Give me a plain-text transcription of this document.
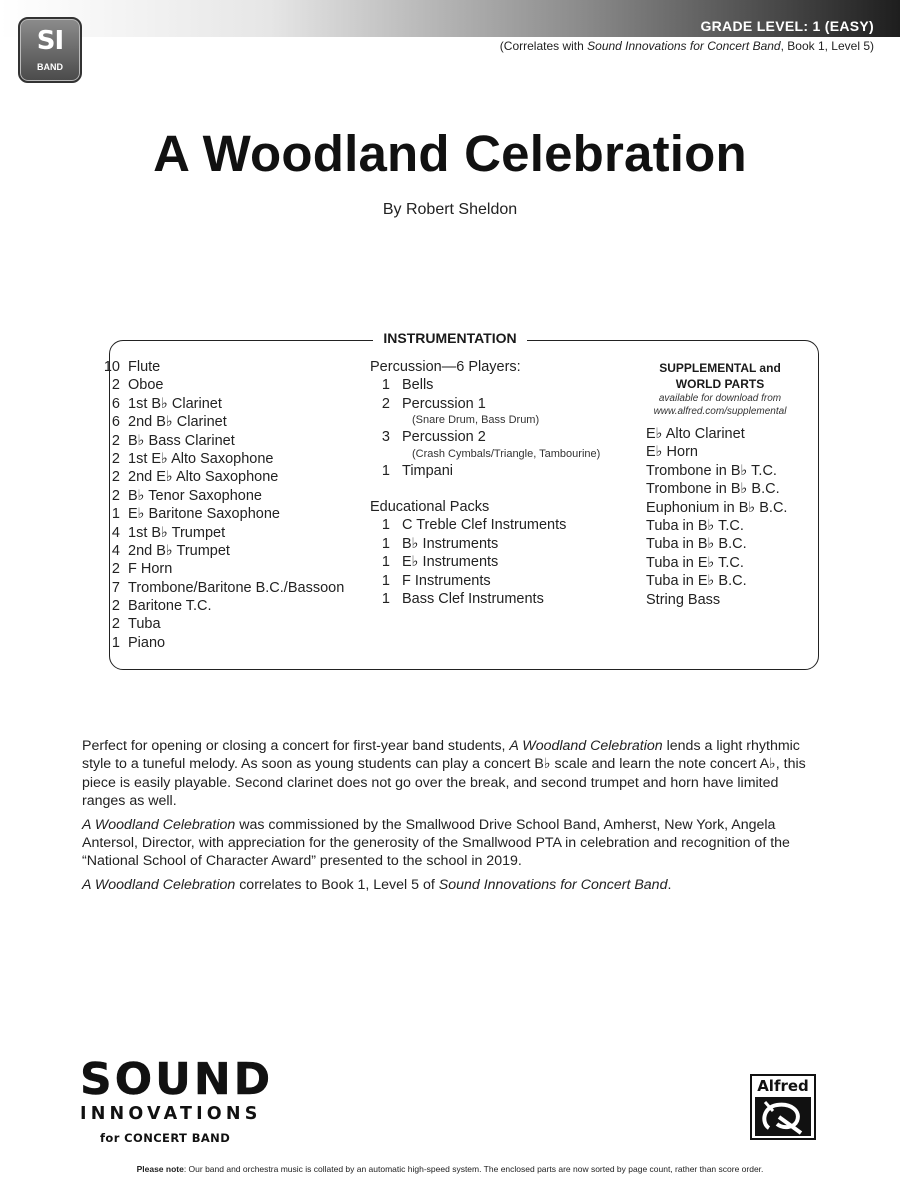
SI
BAND
GRADE LEVEL: 1 (EASY)
(Correlates with Sound Innovations for Concert Band, Book 1, Level 5)
A Woodland Celebration
By Robert Sheldon
INSTRUMENTATION
10 Flute
2 Oboe
6 1st B♭ Clarinet
6 2nd B♭ Clarinet
2 B♭ Bass Clarinet
2 1st E♭ Alto Saxophone
2 2nd E♭ Alto Saxophone
2 B♭ Tenor Saxophone
1 E♭ Baritone Saxophone
4 1st B♭ Trumpet
4 2nd B♭ Trumpet
2 F Horn
7 Trombone/Baritone B.C./Bassoon
2 Baritone T.C.
2 Tuba
1 Piano
Percussion—6 Players:
1 Bells
2 Percussion 1
(Snare Drum, Bass Drum)
3 Percussion 2
(Crash Cymbals/Triangle, Tambourine)
1 Timpani
Educational Packs
1 C Treble Clef Instruments
1 B♭ Instruments
1 E♭ Instruments
1 F Instruments
1 Bass Clef Instruments
SUPPLEMENTAL and
WORLD PARTS
available for download from
www.alfred.com/supplemental
E♭ Alto Clarinet
E♭ Horn
Trombone in B♭ T.C.
Trombone in B♭ B.C.
Euphonium in B♭ B.C.
Tuba in B♭ T.C.
Tuba in B♭ B.C.
Tuba in E♭ T.C.
Tuba in E♭ B.C.
String Bass

Perfect for opening or closing a concert for first-year band students, A Woodland Celebration lends a light rhythmic style to a tuneful melody. As soon as young students can play a concert B♭ scale and learn the note concert A♭, this piece is easily playable. Second clarinet does not go over the break, and second trumpet and horn have limited ranges as well.

A Woodland Celebration was commissioned by the Smallwood Drive School Band, Amherst, New York, Angela Antersol, Director, with appreciation for the generosity of the Smallwood PTA in celebration and recognition of the “National School of Character Award” presented to the school in 2019.

A Woodland Celebration correlates to Book 1, Level 5 of Sound Innovations for Concert Band.

SOUND
INNOVATIONS
for CONCERT BAND
Alfred
Please note: Our band and orchestra music is collated by an automatic high-speed system. The enclosed parts are now sorted by page count, rather than score order.
